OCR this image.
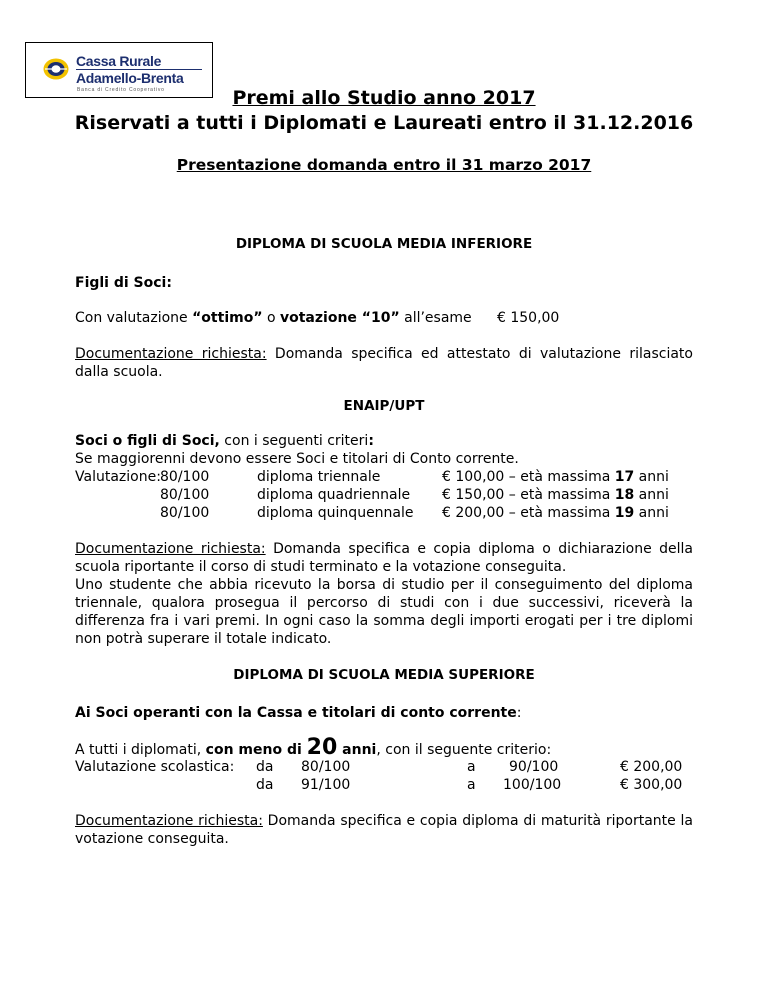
Cassa Rurale
Adamello-Brenta
Banca di Credito Cooperativo	Premi allo Studio anno 2017
Riservati a tutti i Diplomati e Laureati entro il 31.12.2016
Presentazione domanda entro il 31 marzo 2017
DIPLOMA DI SCUOLA MEDIA INFERIORE
Figli di Soci:
Con valutazione “ottimo” o votazione “10” all’esame € 150,00
Documentazione richiesta: Domanda specifica ed attestato di valutazione rilasciato dalla scuola.
ENAIP/UPT
Soci o figli di Soci, con i seguenti criteri:
Se maggiorenni devono essere Soci e titolari di Conto corrente.
Valutazione: 80/100	diploma triennale	€ 100,00 – età massima 17 anni
80/100	diploma quadriennale € 150,00 – età massima 18 anni
80/100	diploma quinquennale € 200,00 – età massima 19 anni
Documentazione richiesta: Domanda specifica e copia diploma o dichiarazione della scuola riportante il corso di studi terminato e la votazione conseguita.
Uno studente che abbia ricevuto la borsa di studio per il conseguimento del diploma triennale, qualora prosegua il percorso di studi con i due successivi, riceverà la differenza fra i vari premi. In ogni caso la somma degli importi erogati per i tre diplomi non potrà superare il totale indicato.
DIPLOMA DI SCUOLA MEDIA SUPERIORE
Ai Soci operanti con la Cassa e titolari di conto corrente:
A tutti i diplomati, con meno di 20 anni, con il seguente criterio:
Valutazione scolastica: da 80/100	a 90/100	€ 200,00
da 91/100	a 100/100	€ 300,00
Documentazione richiesta: Domanda specifica e copia diploma di maturità riportante la votazione conseguita.
